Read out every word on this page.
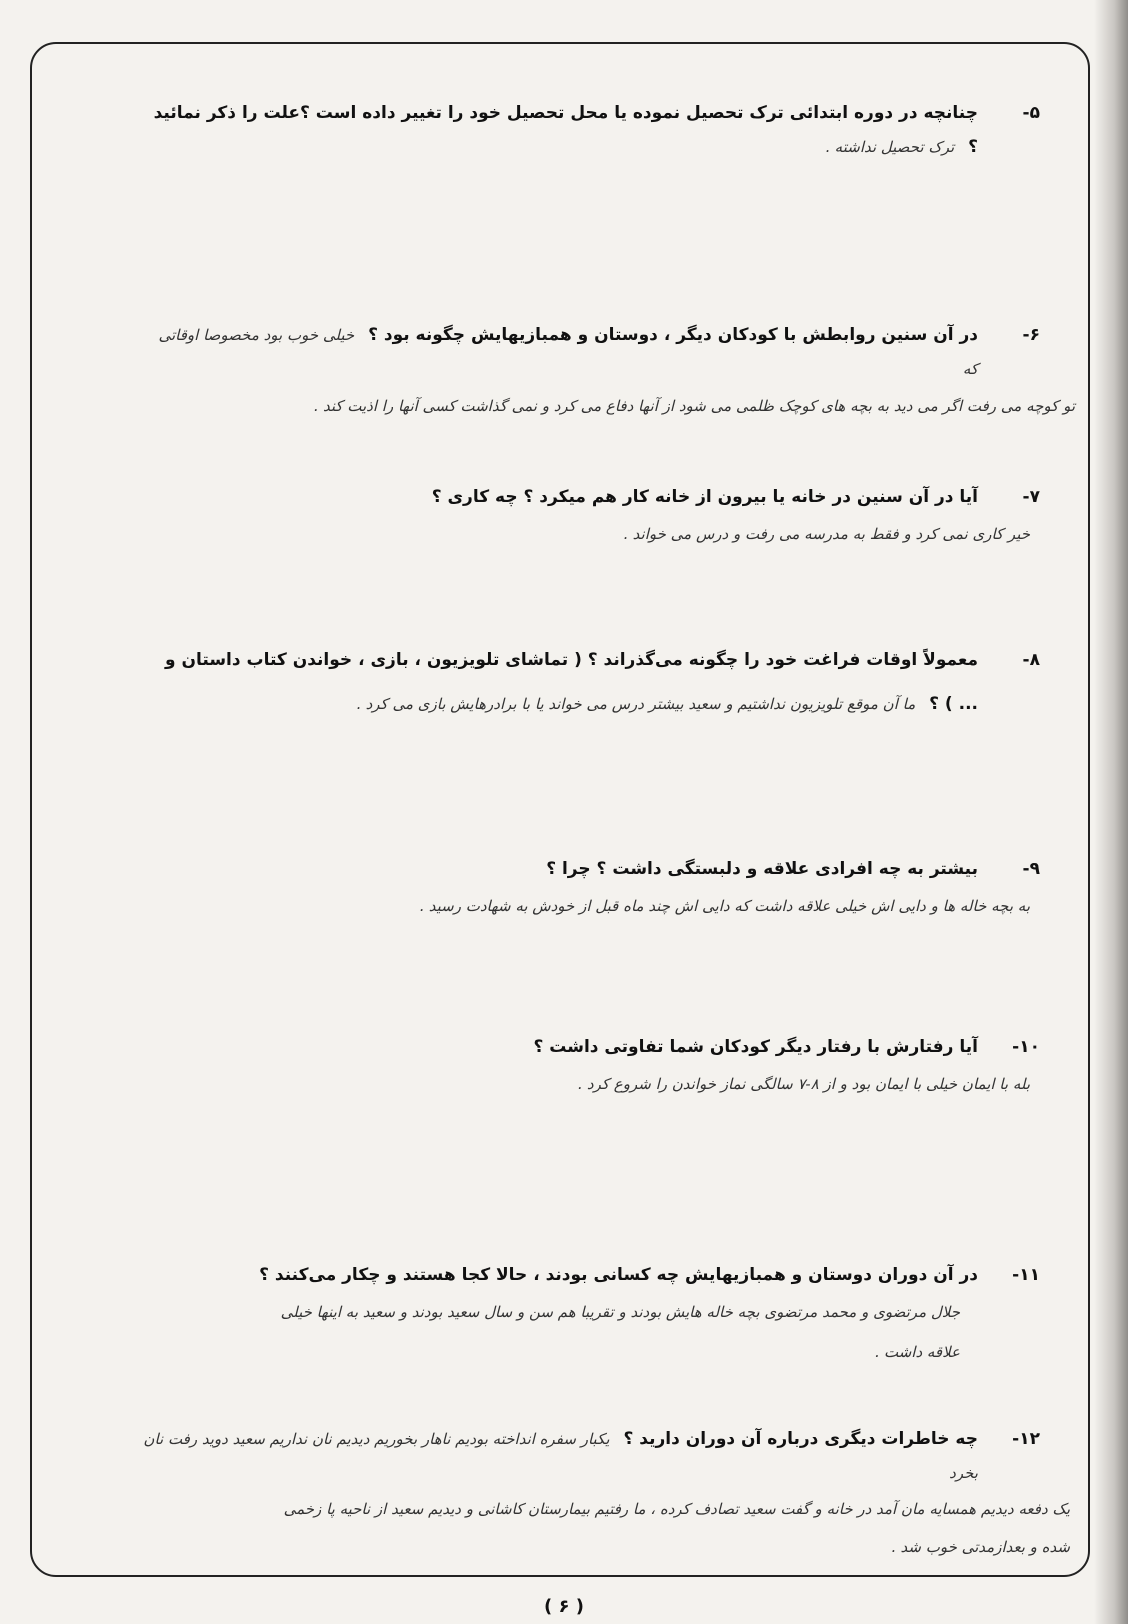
۵-
چنانچه در دوره ابتدائی ترک تحصیل نموده یا محل تحصیل خود را تغییر داده است ؟علت را ذکر نمائید ؟ ترک تحصیل نداشته .
۶-
در آن سنین روابطش با کودکان دیگر ، دوستان و همبازیهایش چگونه بود ؟ خیلی خوب بود مخصوصا اوقاتی که
تو کوچه می رفت اگر می دید به بچه های کوچک ظلمی می شود از آنها دفاع می کرد و نمی گذاشت کسی آنها را اذیت کند .
۷-
آیا در آن سنین در خانه یا بیرون از خانه کار هم میکرد ؟ چه کاری ؟
خیر کاری نمی کرد و فقط به مدرسه می رفت و درس می خواند .
۸-
معمولاً اوقات فراغت خود را چگونه می‌گذراند ؟ ( تماشای تلویزیون ، بازی ، خواندن کتاب داستان و ... ) ؟ ما آن موقع تلویزیون نداشتیم و سعید بیشتر درس می خواند یا با برادرهایش بازی می کرد .
۹-
بیشتر به چه افرادی علاقه و دلبستگی داشت ؟ چرا ؟
به بچه خاله ها و دایی اش خیلی علاقه داشت که دایی اش چند ماه قبل از خودش به شهادت رسید .
۱۰-
آیا رفتارش با رفتار دیگر کودکان شما تفاوتی داشت ؟
بله با ایمان خیلی با ایمان بود و از ۸-۷ سالگی نماز خواندن را شروع کرد .
۱۱-
در آن دوران دوستان و همبازیهایش چه کسانی بودند ، حالا کجا هستند و چکار می‌کنند ؟
جلال مرتضوی و محمد مرتضوی بچه خاله هایش بودند و تقریبا هم سن و سال سعید بودند و سعید به اینها خیلی
علاقه داشت .
۱۲-
چه خاطرات دیگری درباره آن دوران دارید ؟ یکبار سفره انداخته بودیم ناهار بخوریم دیدیم نان نداریم سعید دوید رفت نان بخرد
یک دفعه دیدیم همسایه مان آمد در خانه و گفت سعید تصادف کرده ، ما رفتیم بیمارستان کاشانی و دیدیم سعید از ناحیه پا زخمی
شده و بعدازمدتی خوب شد .
( ۶ )
